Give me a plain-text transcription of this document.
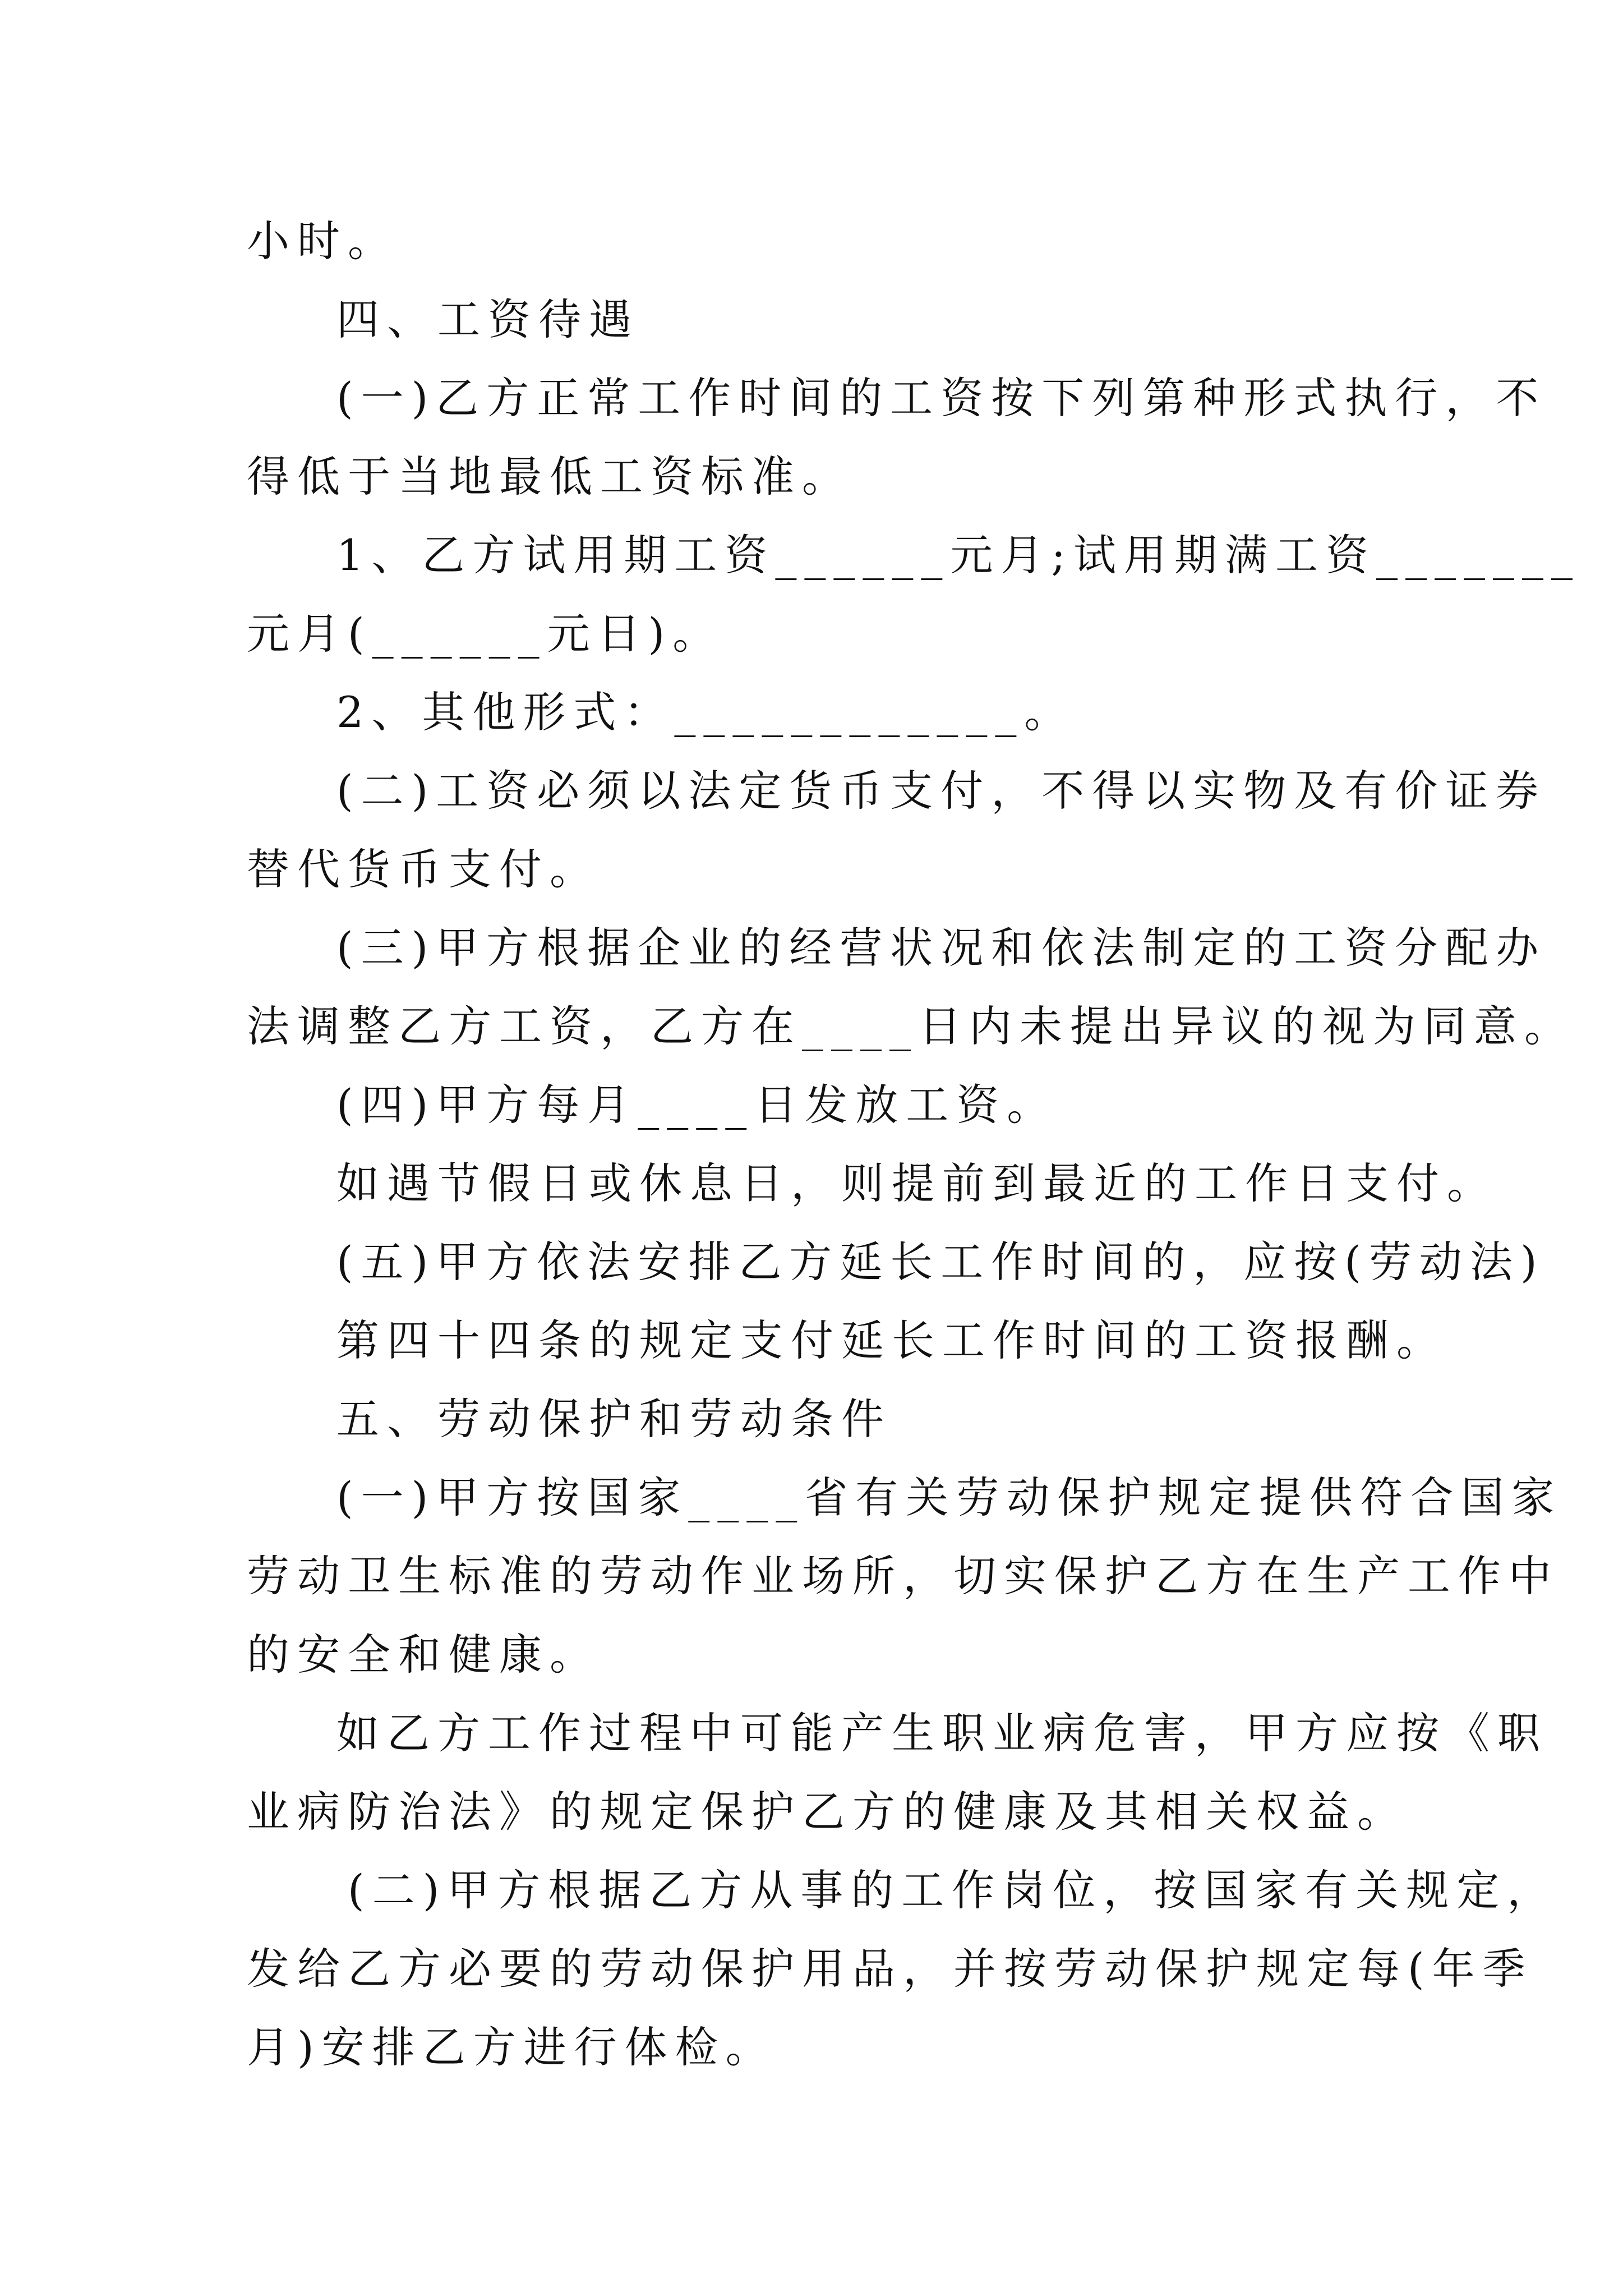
小时。
四、工资待遇
(一)乙方正常工作时间的工资按下列第种形式执行，不
得低于当地最低工资标准。
1、乙方试用期工资______元月;试用期满工资_______
元月(______元日)。
2、其他形式：____________。
(二)工资必须以法定货币支付，不得以实物及有价证券
替代货币支付。
(三)甲方根据企业的经营状况和依法制定的工资分配办
法调整乙方工资，乙方在____日内未提出异议的视为同意。
(四)甲方每月____日发放工资。
如遇节假日或休息日，则提前到最近的工作日支付。
(五)甲方依法安排乙方延长工作时间的，应按(劳动法)
第四十四条的规定支付延长工作时间的工资报酬。
五、劳动保护和劳动条件
(一)甲方按国家____省有关劳动保护规定提供符合国家
劳动卫生标准的劳动作业场所，切实保护乙方在生产工作中
的安全和健康。
如乙方工作过程中可能产生职业病危害，甲方应按《职
业病防治法》的规定保护乙方的健康及其相关权益。
(二)甲方根据乙方从事的工作岗位，按国家有关规定，
发给乙方必要的劳动保护用品，并按劳动保护规定每(年季
月)安排乙方进行体检。
